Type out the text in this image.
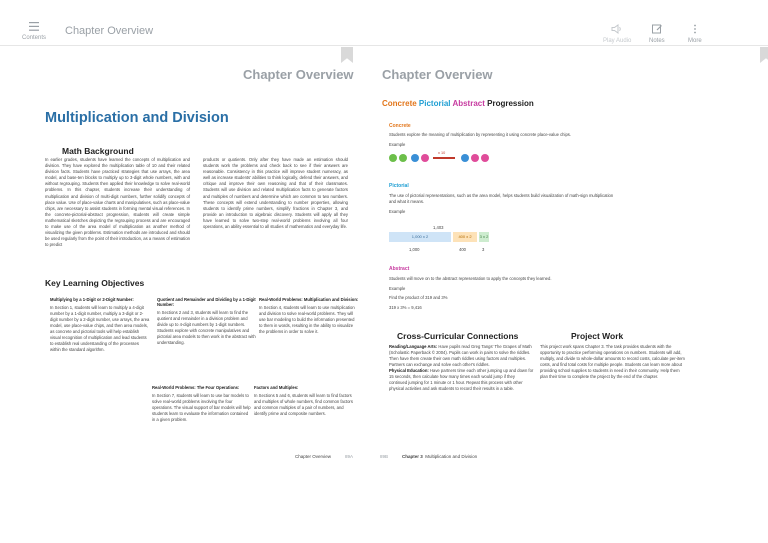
Contents
Chapter Overview
Play Audio	Notes	More
Chapter Overview
Multiplication and Division
Math Background
In earlier grades, students have learned the concepts of multiplication and division. They have explored the multiplication table of 10 and their related division facts. Students have practiced strategies that use arrays, the area model, and base-ten blocks to multiply up to 3-digit whole numbers, with and without regrouping. Students then applied their knowledge to solve real-world problems. In this chapter, students increase their understanding of multiplication and division of multi-digit numbers, further solidify concepts of place value. Use of place-value charts and manipulatives, such as place-value chips, are necessary to assist students in forming mental visual references. In the concrete-pictorial-abstract progression, students will create simple mathematical sketches depicting the regrouping process and are encouraged to make use of the area model of multiplication as another method of visualizing the given problems. Estimation methods are introduced and should be used regularly from the point of their introduction, as a means of estimation to predict
products or quotients. Only after they have made an estimation should students work the problems and check back to see if their answers are reasonable. Consistency in this practice will improve student numeracy, as well as increase students' abilities to think logically, defend their answers, and critique and improve their own reasoning and that of their classmates. Students will use division and related multiplication facts to generate factors and multiples of numbers and determine which are common to two numbers. These concepts will extend understanding to number properties, allowing students to identify prime numbers, simplify fractions in Chapter 3, and provide an introduction to algebraic discovery. Students will apply all they have learned to solve two-step real-world problems involving all four operations, an ability essential to all studies of mathematics and everyday life.
Key Learning Objectives
Multiplying by a 1-Digit or 2-Digit Number:

In Section 1, students will learn to multiply a 4-digit number by a 1-digit number, multiply a 3-digit or 2-digit number by a 2-digit number, use arrays, the area model, use place-value chips, and then area models, as concrete and pictorial tools will help establish visual recognition of multiplication and lead students to establish real understanding of the processes within the standard algorithm.

Quotient and Remainder and Dividing by a 1-Digit Number:

In Sections 2 and 3, students will learn to find the quotient and remainder in a division problem and divide up to 4-digit numbers by 1-digit numbers. Students explore with concrete manipulatives and pictorial area models to then work in the abstract with understanding.

Real-World Problems: Multiplication and Division:

In Section 4, students will learn to use multiplication and division to solve real-world problems. They will use bar modeling to build the information presented to them in words, resulting in the ability to visualize the problems in order to solve it.

Real-World Problems: The Four Operations:

In Section 7, students will learn to use bar models to solve real-world problems involving the four operations. The visual support of bar models will help students learn to evaluate the information contained in a given problem.

Factors and Multiples:

In Sections 5 and 6, students will learn to find factors and multiples of whole numbers, find common factors and common multiples of a pair of numbers, and identify prime and composite numbers.

Chapter Overview	89A
Chapter Overview
Concrete Pictorial Abstract Progression
Concrete
Students explore the meaning of multiplication by representing it using concrete place-value chips.
Example
x 10
Pictorial
The use of pictorial representations, such as the area model, helps students build visualization of math-sign multiplication and what it means.
Example
1,403
1,000 x 2	400 x 2	3 x 2
1,000	400	3
Abstract
Students will move on to the abstract representation to apply the concepts they learned.
Example
Find the product of 319 and 3%
319 x 3% = 9,416
Cross-Curricular Connections	Project Work
Reading/Language Arts: Have pupils read Greg Tangs' The Grapes of Math (Scholastic Paperback © 2004). Pupils can work in pairs to solve the riddles. Then have them create their own math riddles using factors and multiples. Partners can exchange and solve each other's riddles.
Physical Education: Have partners time each other jumping up and down for 15 seconds, then calculate how many times each would jump if they continued jumping for 1 minute or 1 hour. Repeat this process with other physical activities and ask students to record their results in a table.
This project work spans Chapter 3. The task provides students with the opportunity to practice performing operations on numbers. Students will add, multiply, and divide to whole-dollar amounts to record costs, calculate per-item costs, and find total costs for multiple people. Students can learn more about providing school supplies to students in need in their community. Help them plan their time to complete the project by the end of the chapter.
89B	Chapter 3 Multiplication and Division
